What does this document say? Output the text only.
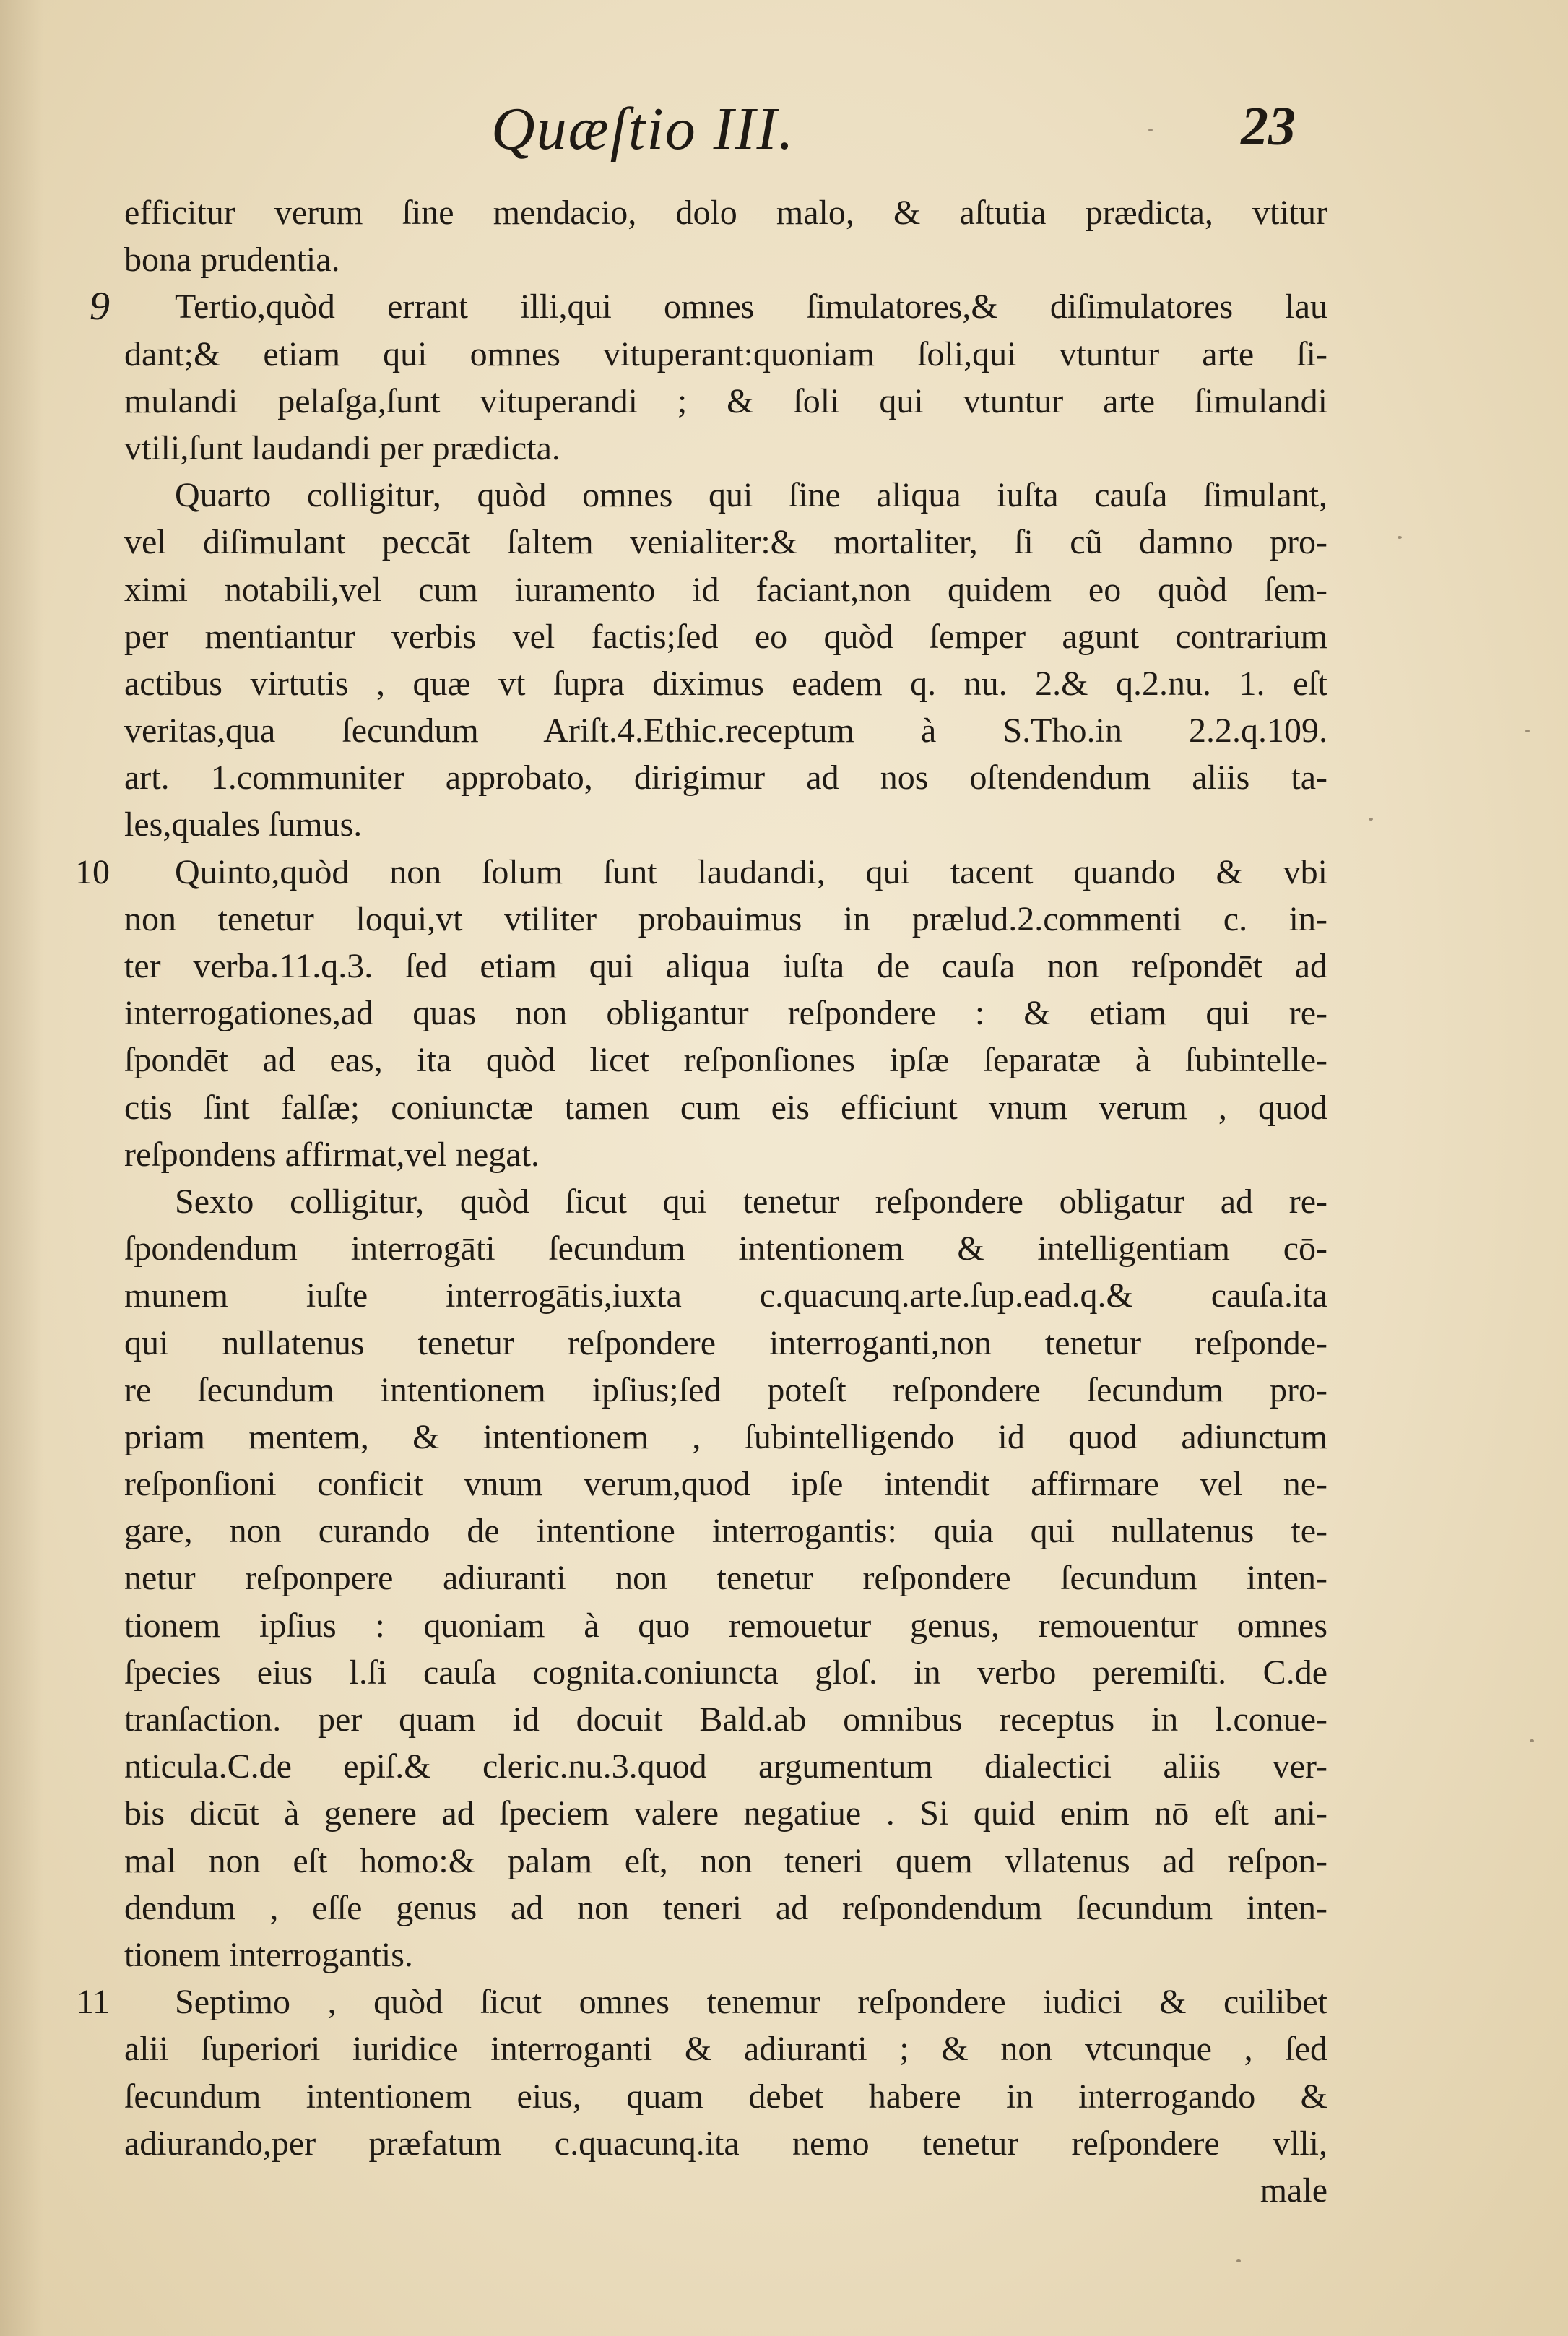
Quæſtio III.	23
efficitur verum ſine mendacio, dolo malo, & aſtutia prædicta, vtitur
bona prudentia.
9 Tertio,quòd errant illi,qui omnes ſimulatores,& diſimulatores lau
dant;& etiam qui omnes vituperant:quoniam ſoli,qui vtuntur arte ſi-
mulandi pelaſga,ſunt vituperandi ; & ſoli qui vtuntur arte ſimulandi
vtili,ſunt laudandi per prædicta.
Quarto colligitur, quòd omnes qui ſine aliqua iuſta cauſa ſimulant,
vel diſimulant peccāt ſaltem venialiter:& mortaliter, ſi cũ damno pro-
ximi notabili,vel cum iuramento id faciant,non quidem eo quòd ſem-
per mentiantur verbis vel factis;ſed eo quòd ſemper agunt contrarium
actibus virtutis , quæ vt ſupra diximus eadem q. nu. 2.& q.2.nu. 1. eſt
veritas,qua ſecundum Ariſt.4.Ethic.receptum à S.Tho.in 2.2.q.109.
art. 1.communiter approbato, dirigimur ad nos oſtendendum aliis ta-
les,quales ſumus.
10 Quinto,quòd non ſolum ſunt laudandi, qui tacent quando & vbi
non tenetur loqui,vt vtiliter probauimus in prælud.2.commenti c. in-
ter verba.11.q.3. ſed etiam qui aliqua iuſta de cauſa non reſpondēt ad
interrogationes,ad quas non obligantur reſpondere : & etiam qui re-
ſpondēt ad eas, ita quòd licet reſponſiones ipſæ ſeparatæ à ſubintelle-
ctis ſint falſæ; coniunctæ tamen cum eis efficiunt vnum verum , quod
reſpondens affirmat,vel negat.
Sexto colligitur, quòd ſicut qui tenetur reſpondere obligatur ad re-
ſpondendum interrogāti ſecundum intentionem & intelligentiam cō-
munem iuſte interrogātis,iuxta c.quacunq.arte.ſup.ead.q.& cauſa.ita
qui nullatenus tenetur reſpondere interroganti,non tenetur reſponde-
re ſecundum intentionem ipſius;ſed poteſt reſpondere ſecundum pro-
priam mentem, & intentionem , ſubintelligendo id quod adiunctum
reſponſioni conficit vnum verum,quod ipſe intendit affirmare vel ne-
gare, non curando de intentione interrogantis: quia qui nullatenus te-
netur reſponpere adiuranti non tenetur reſpondere ſecundum inten-
tionem ipſius : quoniam à quo remouetur genus, remouentur omnes
ſpecies eius l.ſi cauſa cognita.coniuncta gloſ. in verbo peremiſti. C.de
tranſaction. per quam id docuit Bald.ab omnibus receptus in l.conue-
nticula.C.de epiſ.& cleric.nu.3.quod argumentum dialectici aliis ver-
bis dicūt à genere ad ſpeciem valere negatiue . Si quid enim nō eſt ani-
mal non eſt homo:& palam eſt, non teneri quem vllatenus ad reſpon-
dendum , eſſe genus ad non teneri ad reſpondendum ſecundum inten-
tionem interrogantis.
11 Septimo , quòd ſicut omnes tenemur reſpondere iudici & cuilibet
alii ſuperiori iuridice interroganti & adiuranti ; & non vtcunque , ſed
ſecundum intentionem eius, quam debet habere in interrogando &
adiurando,per præfatum c.quacunq.ita nemo tenetur reſpondere vlli,
male
